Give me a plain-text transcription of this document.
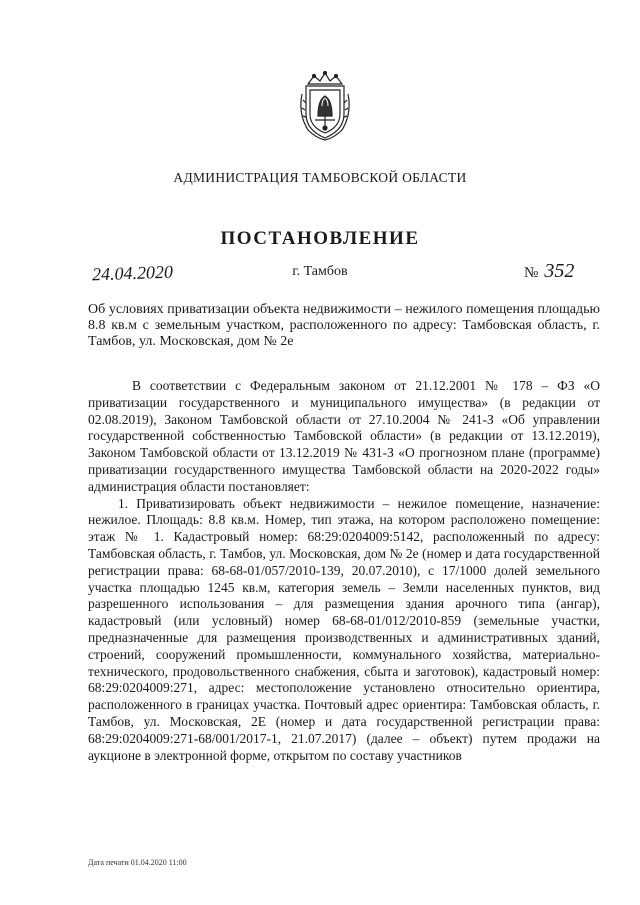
АДМИНИСТРАЦИЯ ТАМБОВСКОЙ ОБЛАСТИ
ПОСТАНОВЛЕНИЕ
24.04.2020	г. Тамбов	№ 352
Об условиях приватизации объекта недвижимости – нежилого помещения площадью 8.8 кв.м с земельным участком, расположенного по адресу: Тамбовская область, г. Тамбов, ул. Московская, дом № 2е

В соответствии с Федеральным законом от 21.12.2001 № 178 – ФЗ «О приватизации государственного и муниципального имущества» (в редакции от 02.08.2019), Законом Тамбовской области от 27.10.2004 № 241-З «Об управлении государственной собственностью Тамбовской области» (в редакции от 13.12.2019), Законом Тамбовской области от 13.12.2019 № 431-З «О прогнозном плане (программе) приватизации государственного имущества Тамбовской области на 2020-2022 годы» администрация области постановляет:

1. Приватизировать объект недвижимости – нежилое помещение, назначение: нежилое. Площадь: 8.8 кв.м. Номер, тип этажа, на котором расположено помещение: этаж № 1. Кадастровый номер: 68:29:0204009:5142, расположенный по адресу: Тамбовская область, г. Тамбов, ул. Московская, дом № 2е (номер и дата государственной регистрации права: 68-68-01/057/2010-139, 20.07.2010), с 17/1000 долей земельного участка площадью 1245 кв.м, категория земель – Земли населенных пунктов, вид разрешенного использования – для размещения здания арочного типа (ангар), кадастровый (или условный) номер 68-68-01/012/2010-859 (земельные участки, предназначенные для размещения производственных и административных зданий, строений, сооружений промышленности, коммунального хозяйства, материально-технического, продовольственного снабжения, сбыта и заготовок), кадастровый номер: 68:29:0204009:271, адрес: местоположение установлено относительно ориентира, расположенного в границах участка. Почтовый адрес ориентира: Тамбовская область, г. Тамбов, ул. Московская, 2Е (номер и дата государственной регистрации права: 68:29:0204009:271-68/001/2017-1, 21.07.2017) (далее – объект) путем продажи на аукционе в электронной форме, открытом по составу участников

Дата печати 01.04.2020 11:00
